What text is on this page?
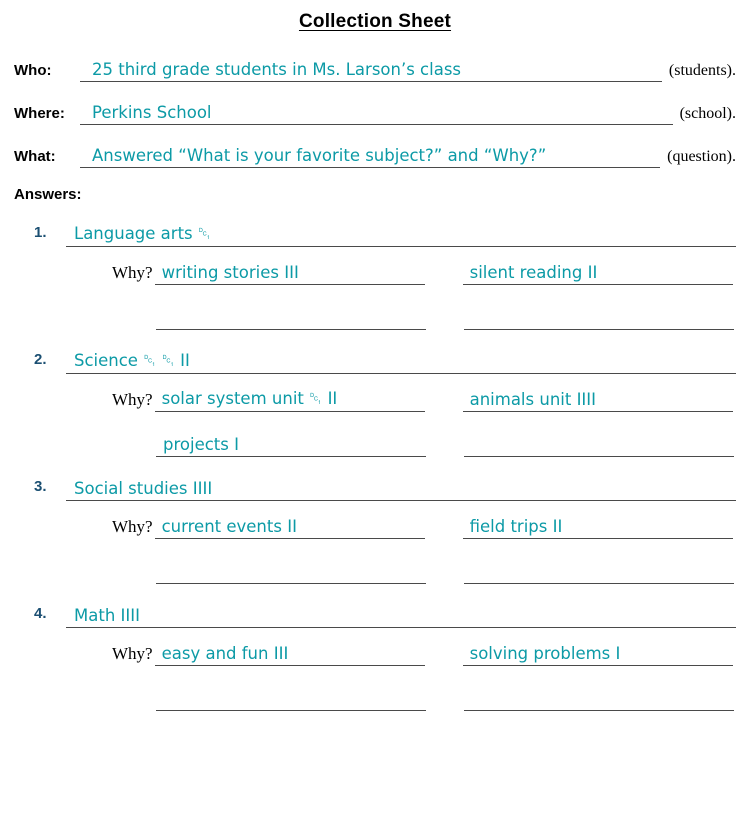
Collection Sheet
Who:	25 third grade students in Ms. Larson’s class	(students).
Where:	Perkins School	(school).
What:	Answered “What is your favorite subject?” and “Why?”	(question).
Answers:
1. Language arts ␑
Why? writing stories III	silent reading II
2. Science ␑ ␑ II
Why? solar system unit ␑ II	animals unit IIII
projects I
3. Social studies IIII
Why? current events II	field trips II
4. Math IIII
Why? easy and fun III	solving problems I
